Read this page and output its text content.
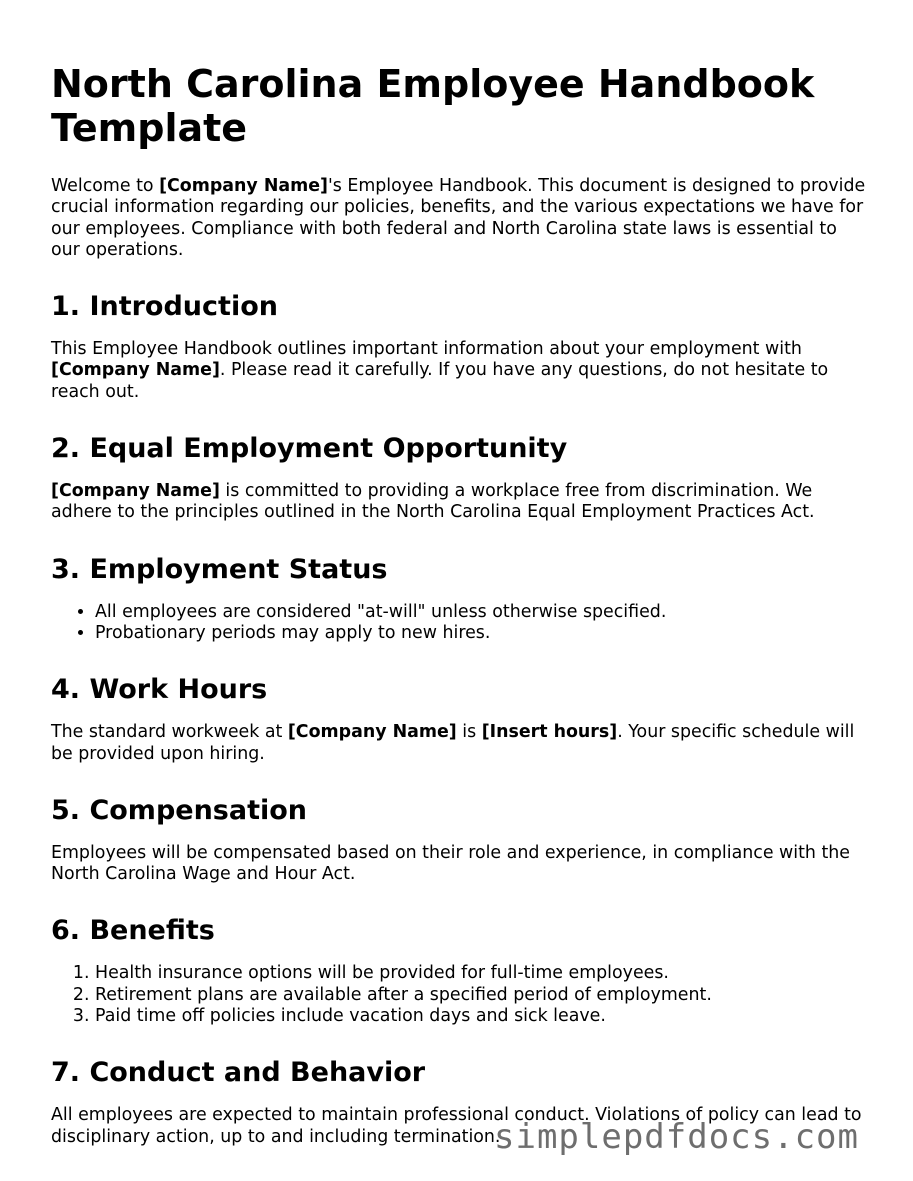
North Carolina Employee Handbook Template

Welcome to [Company Name]'s Employee Handbook. This document is designed to provide crucial information regarding our policies, benefits, and the various expectations we have for our employees. Compliance with both federal and North Carolina state laws is essential to our operations.

1. Introduction

This Employee Handbook outlines important information about your employment with [Company Name]. Please read it carefully. If you have any questions, do not hesitate to reach out.

2. Equal Employment Opportunity

[Company Name] is committed to providing a workplace free from discrimination. We adhere to the principles outlined in the North Carolina Equal Employment Practices Act.

3. Employment Status
• All employees are considered "at-will" unless otherwise specified.
• Probationary periods may apply to new hires.
4. Work Hours

The standard workweek at [Company Name] is [Insert hours]. Your specific schedule will be provided upon hiring.

5. Compensation

Employees will be compensated based on their role and experience, in compliance with the North Carolina Wage and Hour Act.

6. Benefits
1. Health insurance options will be provided for full-time employees.
2. Retirement plans are available after a specified period of employment.
3. Paid time off policies include vacation days and sick leave.
7. Conduct and Behavior

All employees are expected to maintain professional conduct. Violations of policy can lead to disciplinary action, up to and including termination.

simplepdfdocs.com
